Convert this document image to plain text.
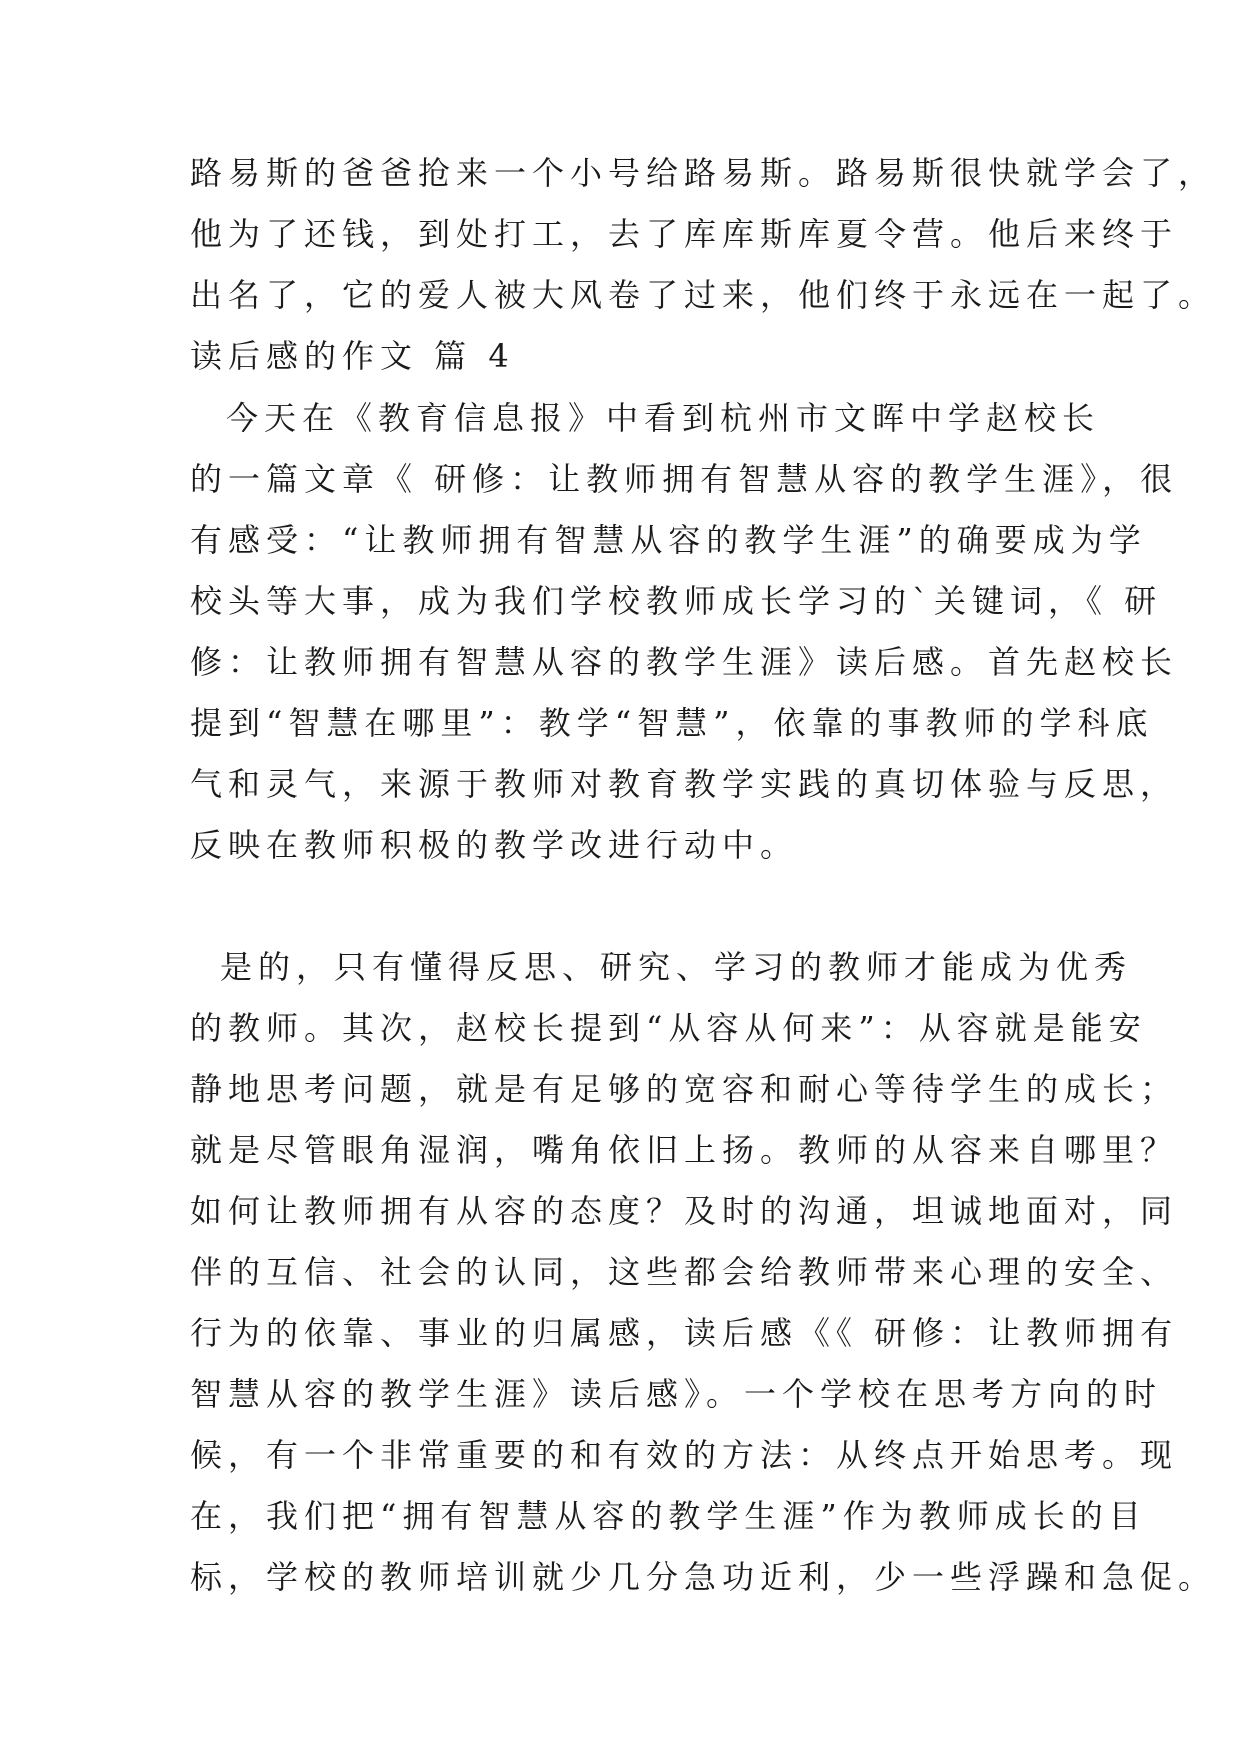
路易斯的爸爸抢来一个小号给路易斯。路易斯很快就学会了，
他为了还钱，到处打工，去了库库斯库夏令营。他后来终于
出名了，它的爱人被大风卷了过来，他们终于永远在一起了。
读后感的作文 篇 4
今天在《教育信息报》中看到杭州市文晖中学赵校长
的一篇文章《 研修：让教师拥有智慧从容的教学生涯》，很
有感受：“让教师拥有智慧从容的教学生涯”的确要成为学
校头等大事，成为我们学校教师成长学习的`关键词，《 研
修：让教师拥有智慧从容的教学生涯》读后感。首先赵校长
提到“智慧在哪里”：教学“智慧”，依靠的事教师的学科底
气和灵气，来源于教师对教育教学实践的真切体验与反思，
反映在教师积极的教学改进行动中。
是的，只有懂得反思、研究、学习的教师才能成为优秀
的教师。其次，赵校长提到“从容从何来”：从容就是能安
静地思考问题，就是有足够的宽容和耐心等待学生的成长；
就是尽管眼角湿润，嘴角依旧上扬。教师的从容来自哪里？
如何让教师拥有从容的态度？及时的沟通，坦诚地面对，同
伴的互信、社会的认同，这些都会给教师带来心理的安全、
行为的依靠、事业的归属感，读后感《《 研修：让教师拥有
智慧从容的教学生涯》读后感》。一个学校在思考方向的时
候，有一个非常重要的和有效的方法：从终点开始思考。现
在，我们把“拥有智慧从容的教学生涯”作为教师成长的目
标，学校的教师培训就少几分急功近利，少一些浮躁和急促。
